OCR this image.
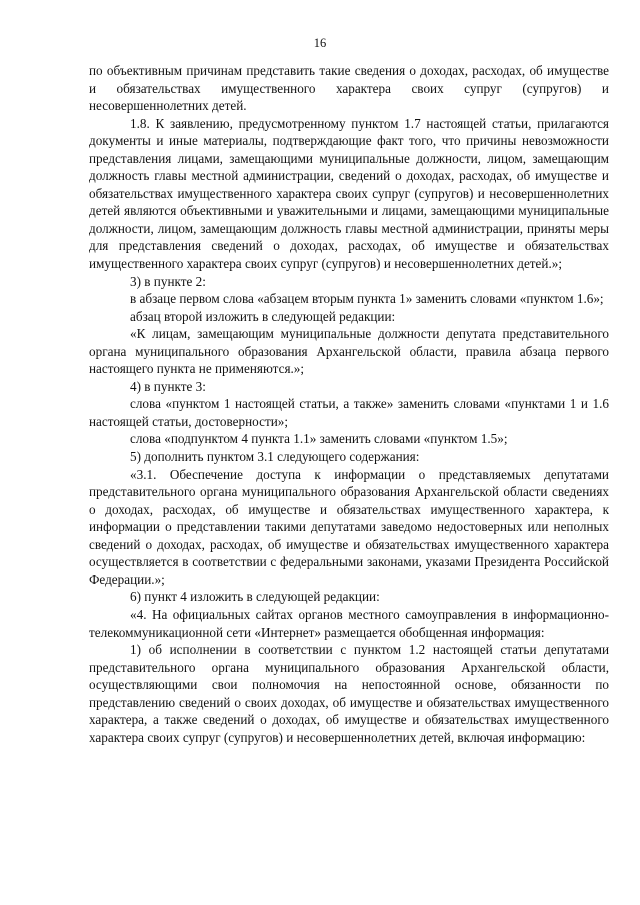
16

по объективным причинам представить такие сведения о доходах, расходах, об имуществе и обязательствах имущественного характера своих супруг (супругов) и несовершеннолетних детей.

1.8. К заявлению, предусмотренному пунктом 1.7 настоящей статьи, прилагаются документы и иные материалы, подтверждающие факт того, что причины невозможности представления лицами, замещающими муниципальные должности, лицом, замещающим должность главы местной администрации, сведений о доходах, расходах, об имуществе и обязательствах имущественного характера своих супруг (супругов) и несовершеннолетних детей являются объективными и уважительными и лицами, замещающими муниципальные должности, лицом, замещающим должность главы местной администрации, приняты меры для представления сведений о доходах, расходах, об имуществе и обязательствах имущественного характера своих супруг (супругов) и несовершеннолетних детей.»;

3) в пункте 2:

в абзаце первом слова «абзацем вторым пункта 1» заменить словами «пунктом 1.6»;

абзац второй изложить в следующей редакции:

«К лицам, замещающим муниципальные должности депутата представительного органа муниципального образования Архангельской области, правила абзаца первого настоящего пункта не применяются.»;

4) в пункте 3:

слова «пунктом 1 настоящей статьи, а также» заменить словами «пунктами 1 и 1.6 настоящей статьи, достоверности»;

слова «подпунктом 4 пункта 1.1» заменить словами «пунктом 1.5»;

5) дополнить пунктом 3.1 следующего содержания:

«3.1. Обеспечение доступа к информации о представляемых депутатами представительного органа муниципального образования Архангельской области сведениях о доходах, расходах, об имуществе и обязательствах имущественного характера, к информации о представлении такими депутатами заведомо недостоверных или неполных сведений о доходах, расходах, об имуществе и обязательствах имущественного характера осуществляется в соответствии с федеральными законами, указами Президента Российской Федерации.»;

6) пункт 4 изложить в следующей редакции:

«4. На официальных сайтах органов местного самоуправления в информационно-телекоммуникационной сети «Интернет» размещается обобщенная информация:

1) об исполнении в соответствии с пунктом 1.2 настоящей статьи депутатами представительного органа муниципального образования Архангельской области, осуществляющими свои полномочия на непостоянной основе, обязанности по представлению сведений о своих доходах, об имуществе и обязательствах имущественного характера, а также сведений о доходах, об имуществе и обязательствах имущественного характера своих супруг (супругов) и несовершеннолетних детей, включая информацию:
